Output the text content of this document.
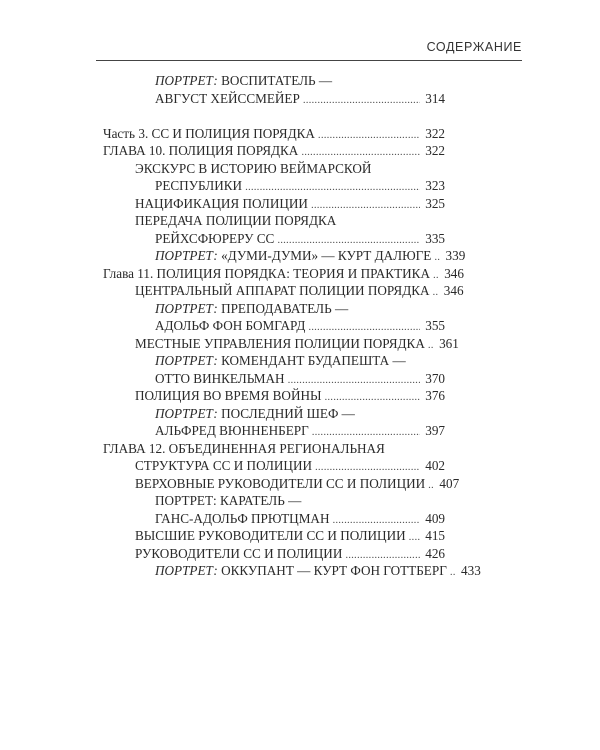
СОДЕРЖАНИЕ
ПОРТРЕТ: ВОСПИТАТЕЛЬ —
АВГУСТ ХЕЙССМЕЙЕР . . .	314
Часть 3. СС И ПОЛИЦИЯ ПОРЯДКА . . .	322
ГЛАВА 10. ПОЛИЦИЯ ПОРЯДКА . . .	322
ЭКСКУРС В ИСТОРИЮ ВЕЙМАРСКОЙ
РЕСПУБЛИКИ . . .	323
НАЦИФИКАЦИЯ ПОЛИЦИИ . . .	325
ПЕРЕДАЧА ПОЛИЦИИ ПОРЯДКА
РЕЙХСФЮРЕРУ СС . . .	335
ПОРТРЕТ: «ДУМИ-ДУМИ» — КУРТ ДАЛЮГЕ . . . 339
Глава 11. ПОЛИЦИЯ ПОРЯДКА: ТЕОРИЯ И ПРАКТИКА . . . 346
ЦЕНТРАЛЬНЫЙ АППАРАТ ПОЛИЦИИ ПОРЯДКА . . . 346
ПОРТРЕТ: ПРЕПОДАВАТЕЛЬ —
АДОЛЬФ ФОН БОМГАРД . . .	355
МЕСТНЫЕ УПРАВЛЕНИЯ ПОЛИЦИИ ПОРЯДКА . . . 361
ПОРТРЕТ: КОМЕНДАНТ БУДАПЕШТА —
ОТТО ВИНКЕЛЬМАН . . .	370
ПОЛИЦИЯ ВО ВРЕМЯ ВОЙНЫ . . .	376
ПОРТРЕТ: ПОСЛЕДНИЙ ШЕФ —
АЛЬФРЕД ВЮННЕНБЕРГ . . .	397
ГЛАВА 12. ОБЪЕДИНЕННАЯ РЕГИОНАЛЬНАЯ
СТРУКТУРА СС И ПОЛИЦИИ . . .	402
ВЕРХОВНЫЕ РУКОВОДИТЕЛИ СС И ПОЛИЦИИ . . . 407
ПОРТРЕТ: КАРАТЕЛЬ —
ГАНС-АДОЛЬФ ПРЮТЦМАН . . .	409
ВЫСШИЕ РУКОВОДИТЕЛИ СС И ПОЛИЦИИ . . . 415
РУКОВОДИТЕЛИ СС И ПОЛИЦИИ . . .	426
ПОРТРЕТ: ОККУПАНТ — КУРТ ФОН ГОТТБЕРГ . . . 433
